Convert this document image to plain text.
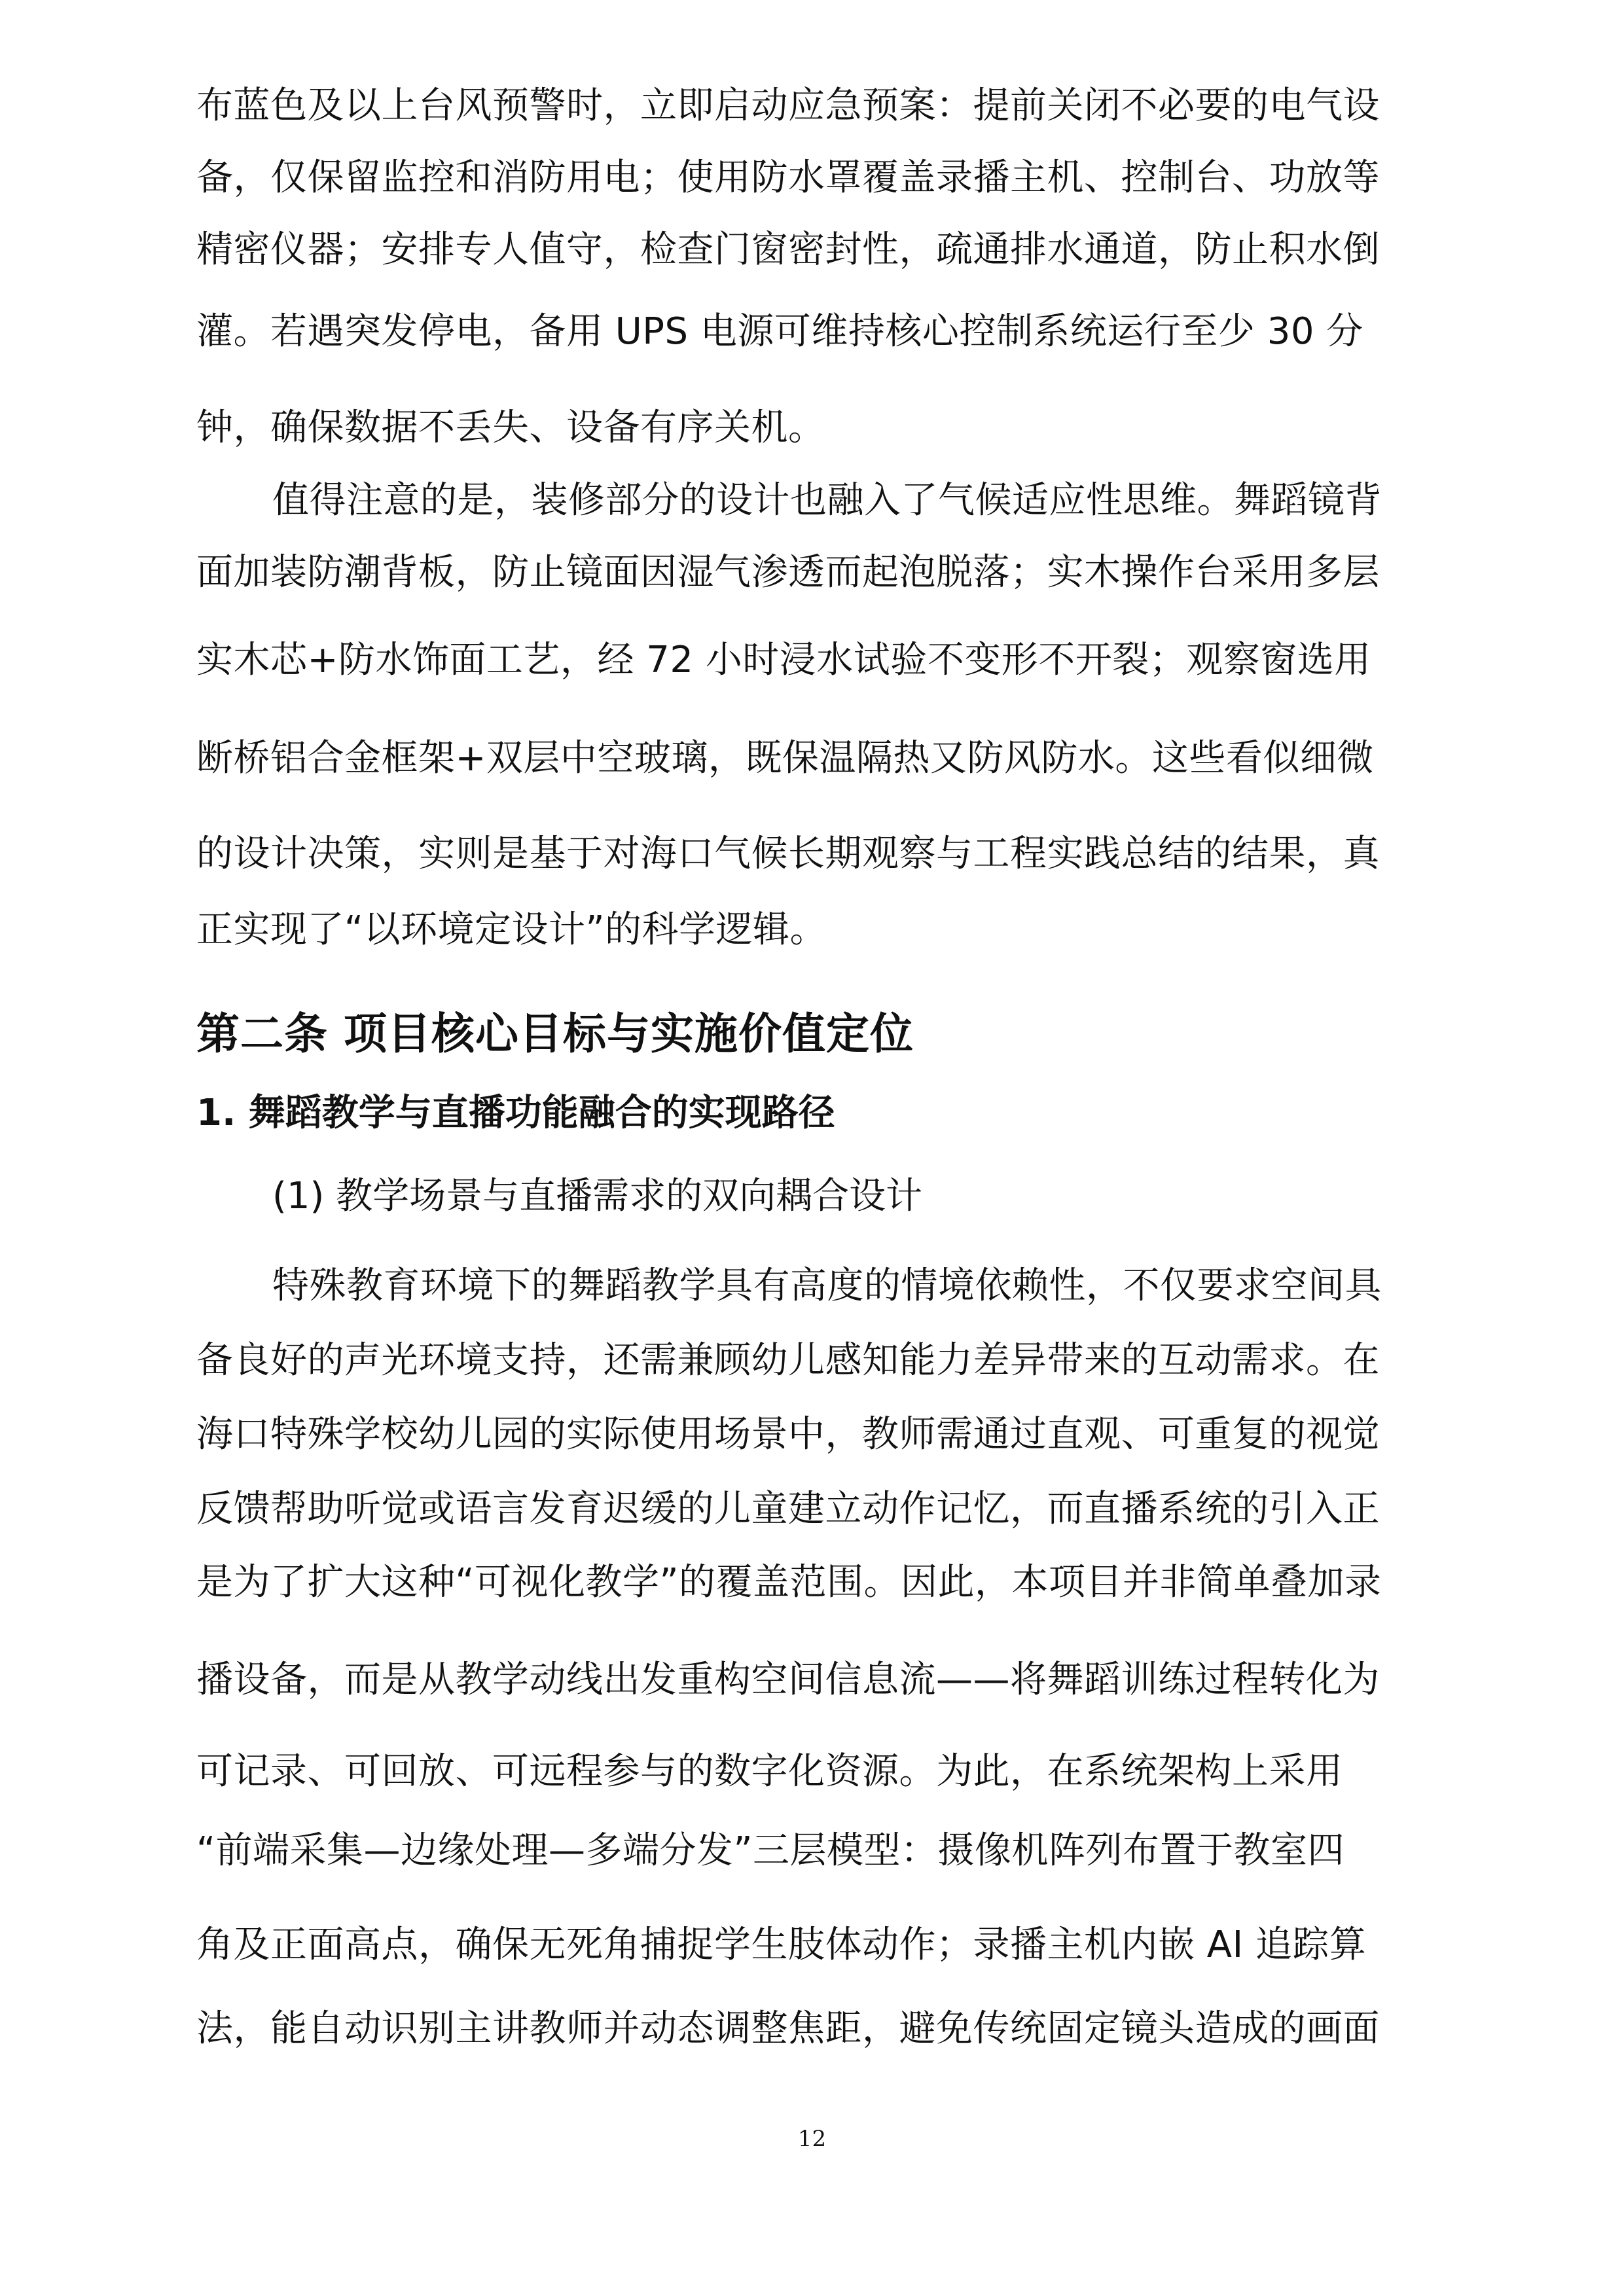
布蓝色及以上台风预警时，立即启动应急预案：提前关闭不必要的电气设
备，仅保留监控和消防用电；使用防水罩覆盖录播主机、控制台、功放等
精密仪器；安排专人值守，检查门窗密封性，疏通排水通道，防止积水倒
灌。若遇突发停电，备用 UPS 电源可维持核心控制系统运行至少 30 分
钟，确保数据不丢失、设备有序关机。
值得注意的是，装修部分的设计也融入了气候适应性思维。舞蹈镜背
面加装防潮背板，防止镜面因湿气渗透而起泡脱落；实木操作台采用多层
实木芯+防水饰面工艺，经 72 小时浸水试验不变形不开裂；观察窗选用
断桥铝合金框架+双层中空玻璃，既保温隔热又防风防水。这些看似细微
的设计决策，实则是基于对海口气候长期观察与工程实践总结的结果，真
正实现了“以环境定设计”的科学逻辑。
第二条 项目核心目标与实施价值定位
1. 舞蹈教学与直播功能融合的实现路径
(1) 教学场景与直播需求的双向耦合设计
特殊教育环境下的舞蹈教学具有高度的情境依赖性，不仅要求空间具
备良好的声光环境支持，还需兼顾幼儿感知能力差异带来的互动需求。在
海口特殊学校幼儿园的实际使用场景中，教师需通过直观、可重复的视觉
反馈帮助听觉或语言发育迟缓的儿童建立动作记忆，而直播系统的引入正
是为了扩大这种“可视化教学”的覆盖范围。因此，本项目并非简单叠加录
播设备，而是从教学动线出发重构空间信息流——将舞蹈训练过程转化为
可记录、可回放、可远程参与的数字化资源。为此，在系统架构上采用
“前端采集—边缘处理—多端分发”三层模型：摄像机阵列布置于教室四
角及正面高点，确保无死角捕捉学生肢体动作；录播主机内嵌 AI 追踪算
法，能自动识别主讲教师并动态调整焦距，避免传统固定镜头造成的画面
12
